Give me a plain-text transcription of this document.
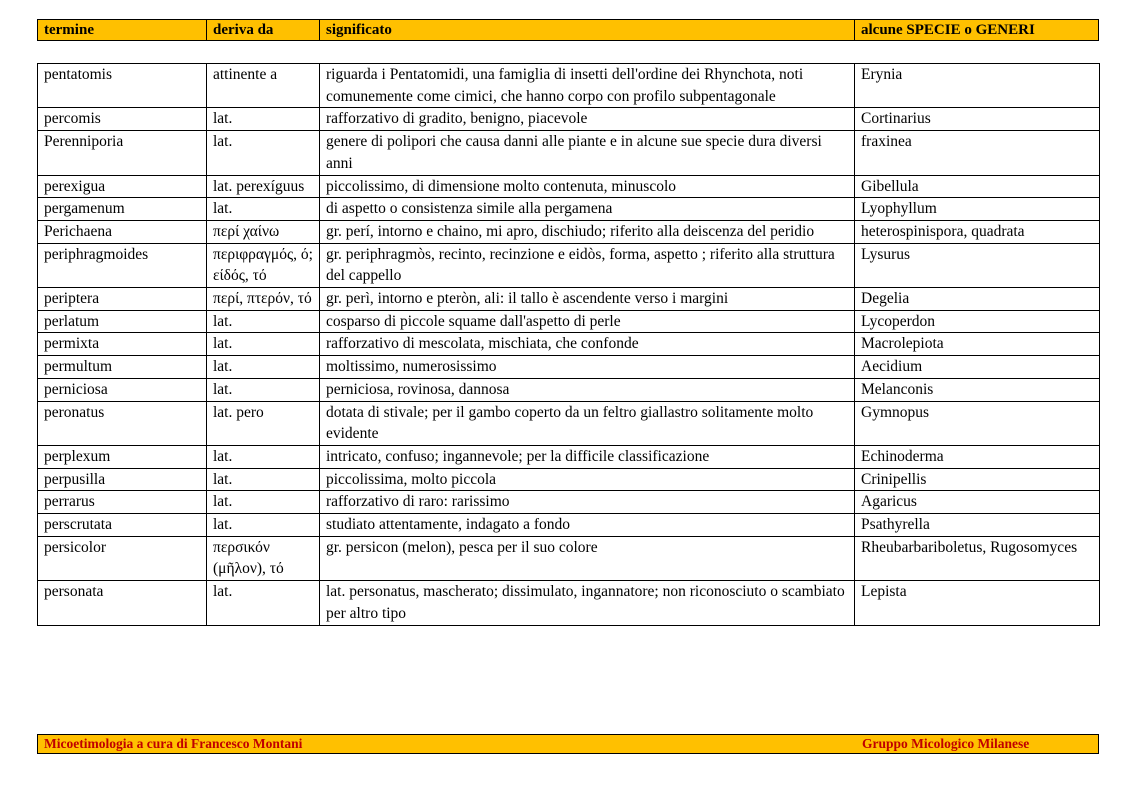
termine	deriva da	significato	alcune SPECIE o GENERI
pentatomis	attinente a	riguarda i Pentatomidi, una famiglia di insetti dell'ordine dei Rhynchota, noti comunemente come cimici, che hanno corpo con profilo subpentagonale	Erynia
percomis	lat.	rafforzativo di gradito, benigno, piacevole	Cortinarius
Perenniporia	lat.	genere di polipori che causa danni alle piante e in alcune sue specie dura diversi anni	fraxinea
perexigua	lat. perexíguus	piccolissimo, di dimensione molto contenuta, minuscolo	Gibellula
pergamenum	lat.	di aspetto o consistenza simile alla pergamena	Lyophyllum
Perichaena	περί χαίνω	gr. perí, intorno e chaino, mi apro, dischiudo; riferito alla deiscenza del peridio	heterospinispora, quadrata
periphragmoides	περιφραγμός, ό; είδός, τό	gr. periphragmòs, recinto, recinzione e eidòs, forma, aspetto ; riferito alla struttura del cappello	Lysurus
periptera	περί, πτερόν, τό	gr. perì, intorno e pteròn, ali: il tallo è ascendente verso i margini	Degelia
perlatum	lat.	cosparso di piccole squame dall'aspetto di perle	Lycoperdon
permixta	lat.	rafforzativo di mescolata, mischiata, che confonde	Macrolepiota
permultum	lat.	moltissimo, numerosissimo	Aecidium
perniciosa	lat.	perniciosa, rovinosa, dannosa	Melanconis
peronatus	lat. pero	dotata di stivale; per il gambo coperto da un feltro giallastro solitamente molto evidente	Gymnopus
perplexum	lat.	intricato, confuso; ingannevole; per la difficile classificazione	Echinoderma
perpusilla	lat.	piccolissima, molto piccola	Crinipellis
perrarus	lat.	rafforzativo di raro: rarissimo	Agaricus
perscrutata	lat.	studiato attentamente, indagato a fondo	Psathyrella
persicolor	περσικόν (μῆλον), τό	gr. persicon (melon), pesca per il suo colore	Rheubarbariboletus, Rugosomyces
personata	lat.	lat. personatus, mascherato; dissimulato, ingannatore; non riconosciuto o scambiato per altro tipo	Lepista
Micoetimologia a cura di Francesco Montani	Gruppo Micologico Milanese
